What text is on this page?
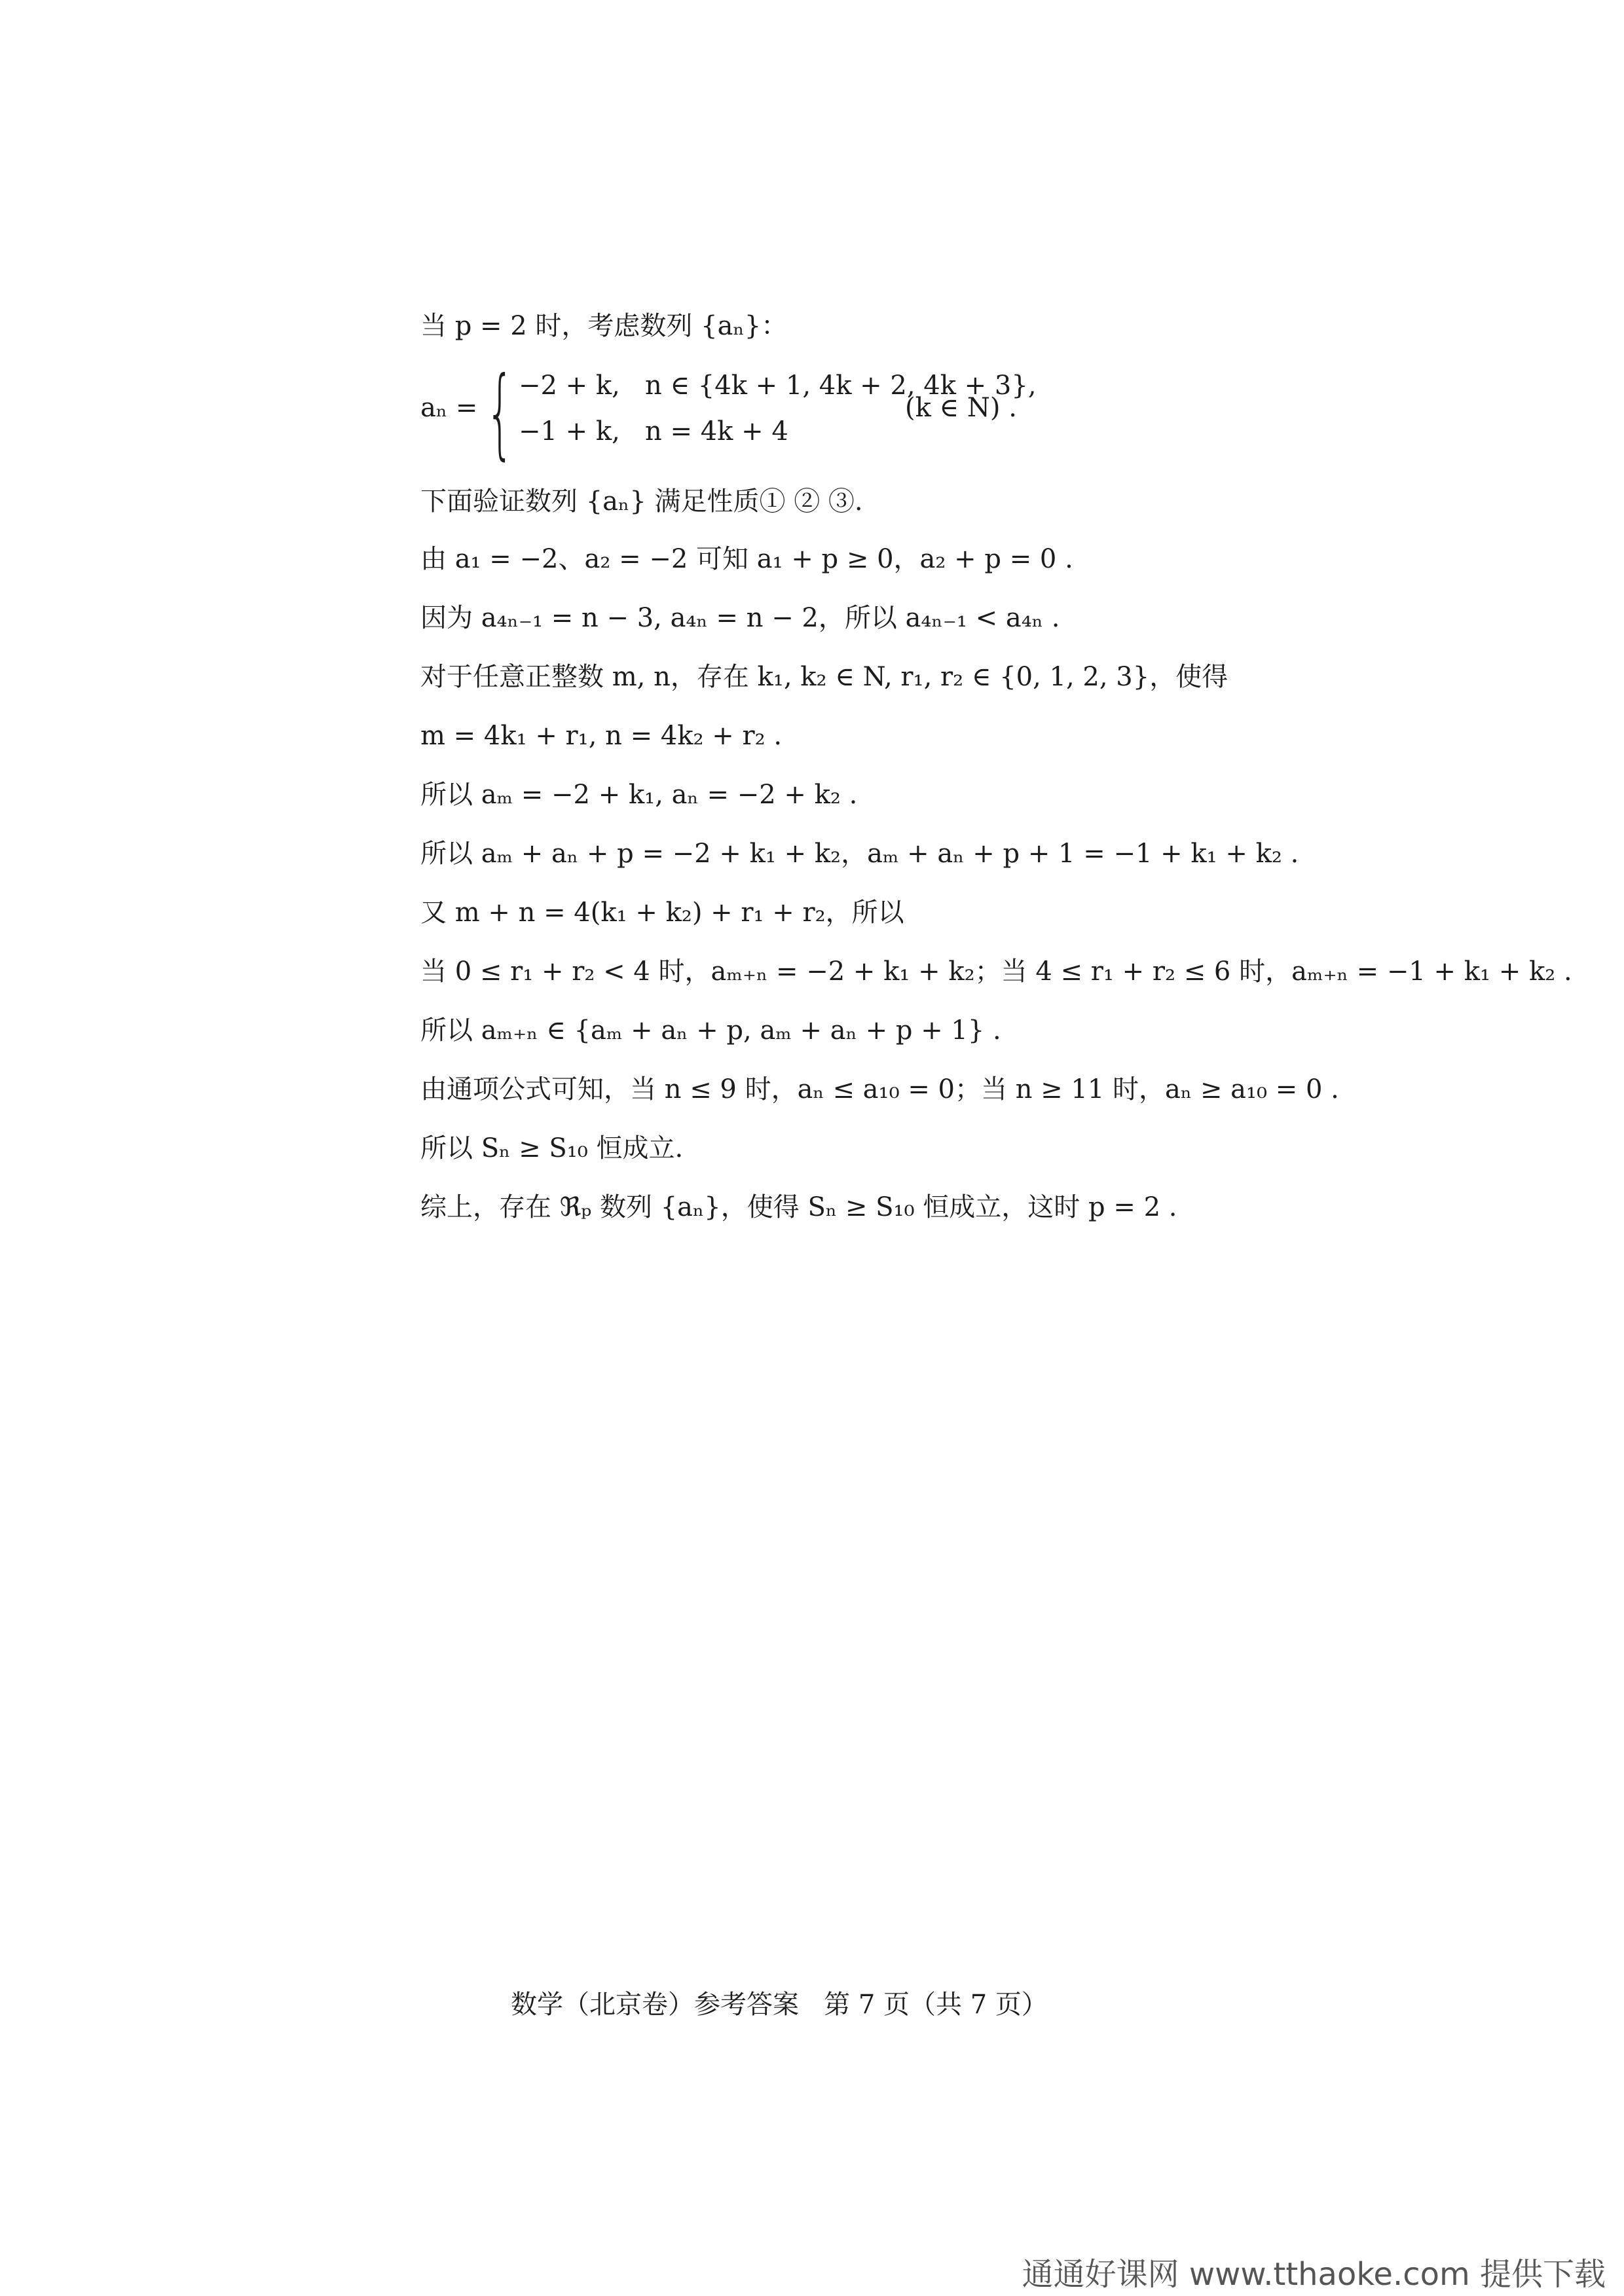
当 p = 2 时，考虑数列 {aₙ}：
aₙ = { −2 + k,   n ∈ {4k + 1, 4k + 2, 4k + 3},
−1 + k,   n = 4k + 4
(k ∈ N) .
下面验证数列 {aₙ} 满足性质① ② ③.
由 a₁ = −2、a₂ = −2 可知 a₁ + p ≥ 0，a₂ + p = 0 .
因为 a₄ₙ₋₁ = n − 3, a₄ₙ = n − 2，所以 a₄ₙ₋₁ < a₄ₙ .
对于任意正整数 m, n，存在 k₁, k₂ ∈ N, r₁, r₂ ∈ {0, 1, 2, 3}，使得
m = 4k₁ + r₁, n = 4k₂ + r₂ .
所以 aₘ = −2 + k₁, aₙ = −2 + k₂ .
所以 aₘ + aₙ + p = −2 + k₁ + k₂，aₘ + aₙ + p + 1 = −1 + k₁ + k₂ .
又 m + n = 4(k₁ + k₂) + r₁ + r₂，所以
当 0 ≤ r₁ + r₂ < 4 时，aₘ₊ₙ = −2 + k₁ + k₂；当 4 ≤ r₁ + r₂ ≤ 6 时，aₘ₊ₙ = −1 + k₁ + k₂ .
所以 aₘ₊ₙ ∈ {aₘ + aₙ + p, aₘ + aₙ + p + 1} .
由通项公式可知，当 n ≤ 9 时，aₙ ≤ a₁₀ = 0；当 n ≥ 11 时，aₙ ≥ a₁₀ = 0 .
所以 Sₙ ≥ S₁₀ 恒成立.
综上，存在 ℜₚ 数列 {aₙ}，使得 Sₙ ≥ S₁₀ 恒成立，这时 p = 2 .
数学（北京卷）参考答案   第 7 页（共 7 页）
通通好课网 www.tthaoke.com 提供下载
